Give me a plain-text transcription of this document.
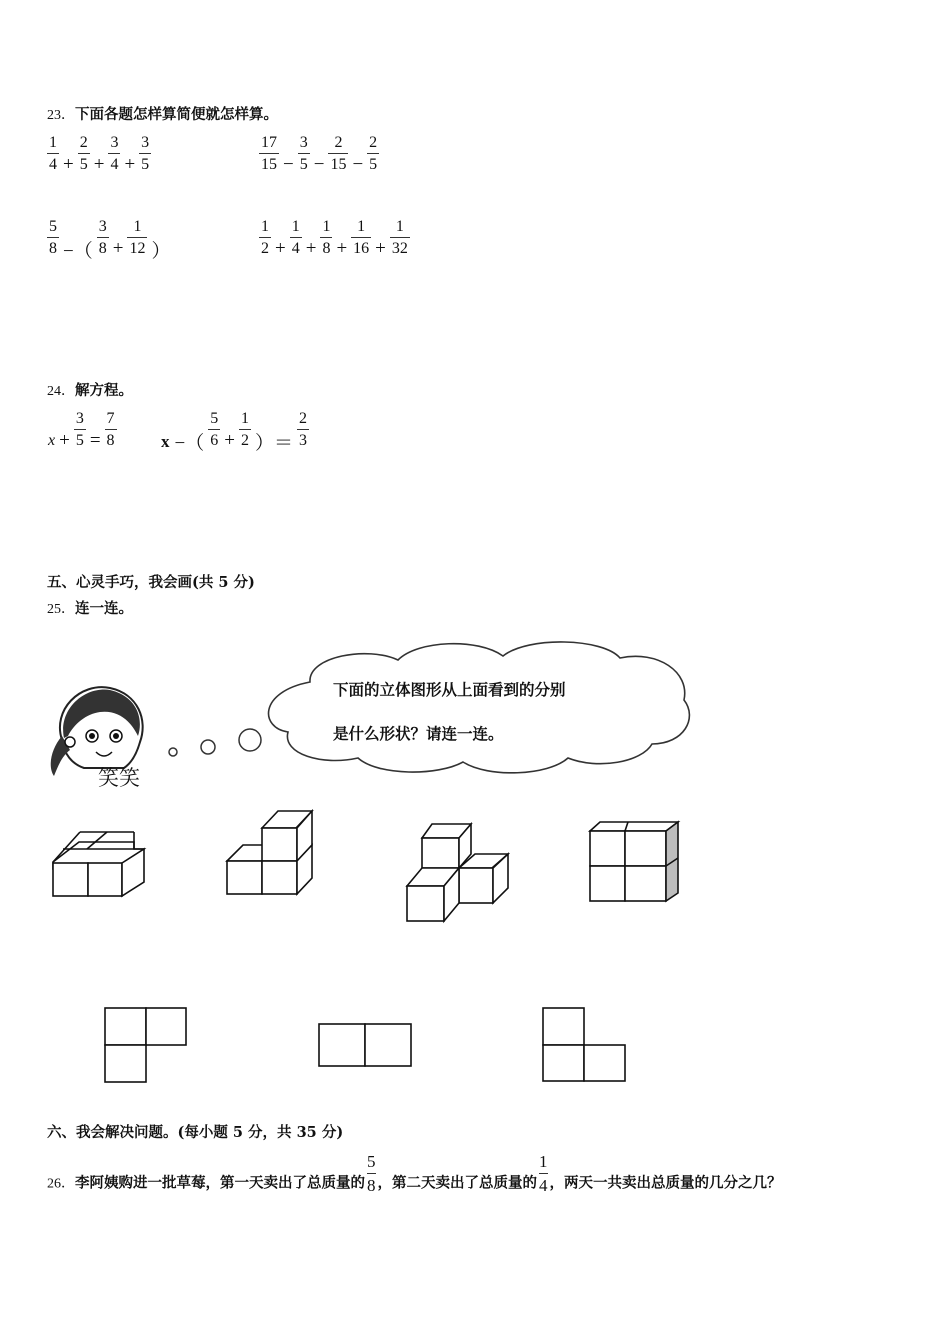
23．下面各题怎样算简便就怎样算。
$\frac{1}{4} + \frac{2}{5} + \frac{3}{4} + \frac{3}{5}$	$\frac{17}{15} - \frac{3}{5} - \frac{2}{15} - \frac{2}{5}$
$\frac{5}{8}$ −（ $\frac{3}{8} + \frac{1}{12}$ ）	$\frac{1}{2} + \frac{1}{4} + \frac{1}{8} + \frac{1}{16} + \frac{1}{32}$
24．解方程。
$x + \frac{3}{5} = \frac{7}{8}$	x −（ $\frac{5}{6} + \frac{1}{2}$ ）＝ $\frac{2}{3}$
五、心灵手巧，我会画(共 5 分)
25．连一连。
笑笑
下面的立体图形从上面看到的分别
是什么形状？请连一连。
六、我会解决问题。(每小题 5 分，共 35 分)
26．李阿姨购进一批草莓，第一天卖出了总质量的 $\frac{5}{8}$ ，第二天卖出了总质量的 $\frac{1}{4}$ ，两天一共卖出总质量的几分之几？
